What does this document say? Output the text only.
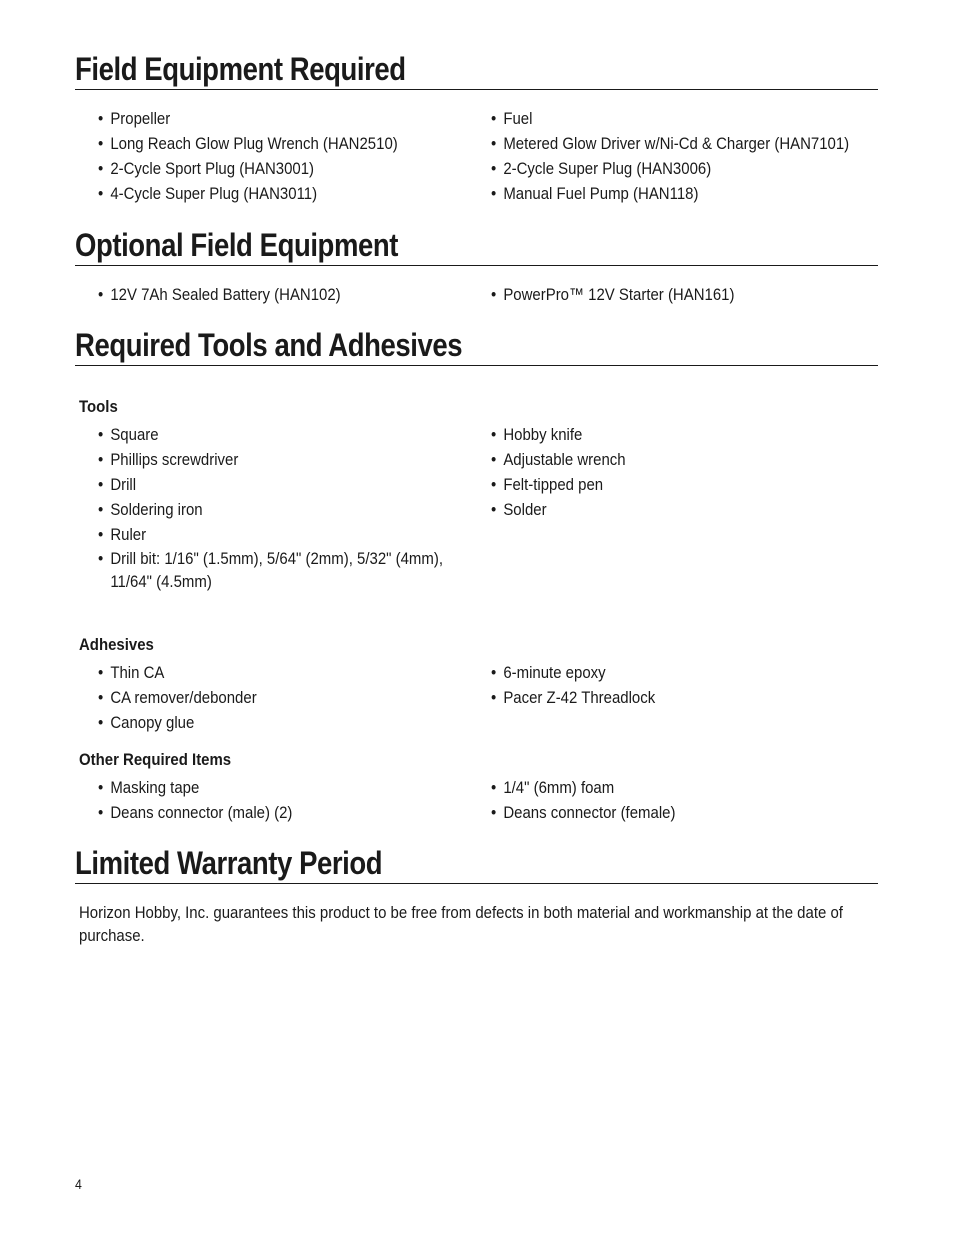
Field Equipment Required
• Propeller
• Long Reach Glow Plug Wrench (HAN2510)
• 2-Cycle Sport Plug (HAN3001)
• 4-Cycle Super Plug (HAN3011)
• Fuel
• Metered Glow Driver w/Ni-Cd & Charger (HAN7101)
• 2-Cycle Super Plug (HAN3006)
• Manual Fuel Pump (HAN118)
Optional Field Equipment
• 12V 7Ah Sealed Battery (HAN102)	• PowerPro™ 12V Starter (HAN161)
Required Tools and Adhesives
Tools
• Square
• Phillips screwdriver
• Drill
• Soldering iron
• Ruler
• Drill bit: 1/16" (1.5mm), 5/64" (2mm), 5/32" (4mm), 11/64" (4.5mm)
• Hobby knife
• Adjustable wrench
• Felt-tipped pen
• Solder
Adhesives
• Thin CA
• CA remover/debonder
• Canopy glue
• 6-minute epoxy
• Pacer Z-42 Threadlock
Other Required Items
• Masking tape
• Deans connector (male) (2)
• 1/4" (6mm) foam
• Deans connector (female)
Limited Warranty Period
Horizon Hobby, Inc. guarantees this product to be free from defects in both material and workmanship at the date of purchase.
4
